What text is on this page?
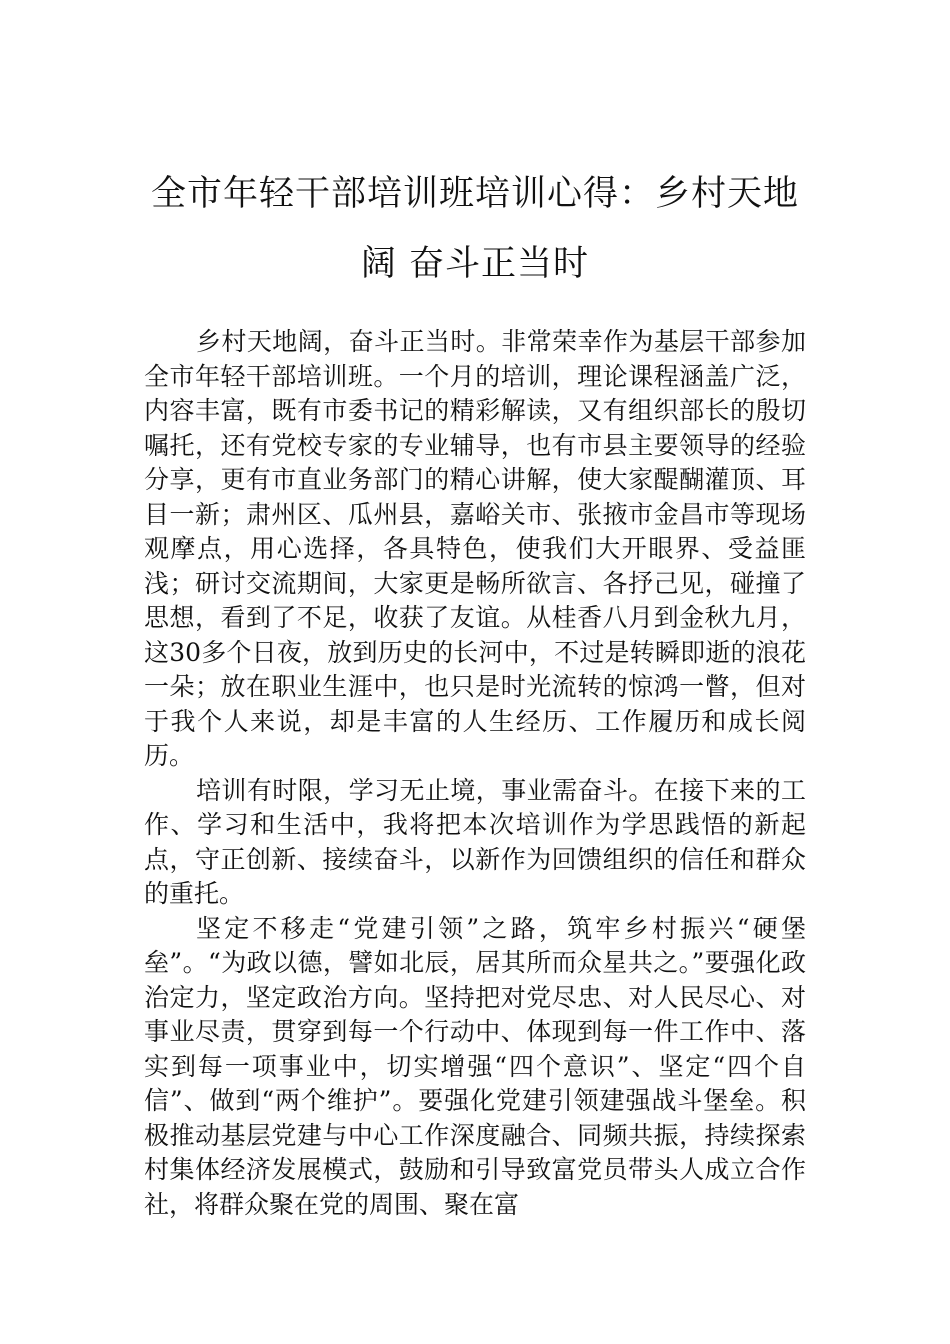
全市年轻干部培训班培训心得：乡村天地
阔 奋斗正当时

乡村天地阔，奋斗正当时。非常荣幸作为基层干部参加全市年轻干部培训班。一个月的培训，理论课程涵盖广泛，内容丰富，既有市委书记的精彩解读，又有组织部长的殷切嘱托，还有党校专家的专业辅导，也有市县主要领导的经验分享，更有市直业务部门的精心讲解，使大家醍醐灌顶、耳目一新；肃州区、瓜州县，嘉峪关市、张掖市金昌市等现场观摩点，用心选择，各具特色，使我们大开眼界、受益匪浅；研讨交流期间，大家更是畅所欲言、各抒己见，碰撞了思想，看到了不足，收获了友谊。从桂香八月到金秋九月，这30多个日夜，放到历史的长河中，不过是转瞬即逝的浪花一朵；放在职业生涯中，也只是时光流转的惊鸿一瞥，但对于我个人来说，却是丰富的人生经历、工作履历和成长阅历。

培训有时限，学习无止境，事业需奋斗。在接下来的工作、学习和生活中，我将把本次培训作为学思践悟的新起点，守正创新、接续奋斗，以新作为回馈组织的信任和群众的重托。

坚定不移走“党建引领”之路，筑牢乡村振兴“硬堡垒”。“为政以德，譬如北辰，居其所而众星共之。”要强化政治定力，坚定政治方向。坚持把对党尽忠、对人民尽心、对事业尽责，贯穿到每一个行动中、体现到每一件工作中、落实到每一项事业中，切实增强“四个意识”、坚定“四个自信”、做到“两个维护”。要强化党建引领建强战斗堡垒。积极推动基层党建与中心工作深度融合、同频共振，持续探索村集体经济发展模式，鼓励和引导致富党员带头人成立合作社，将群众聚在党的周围、聚在富
